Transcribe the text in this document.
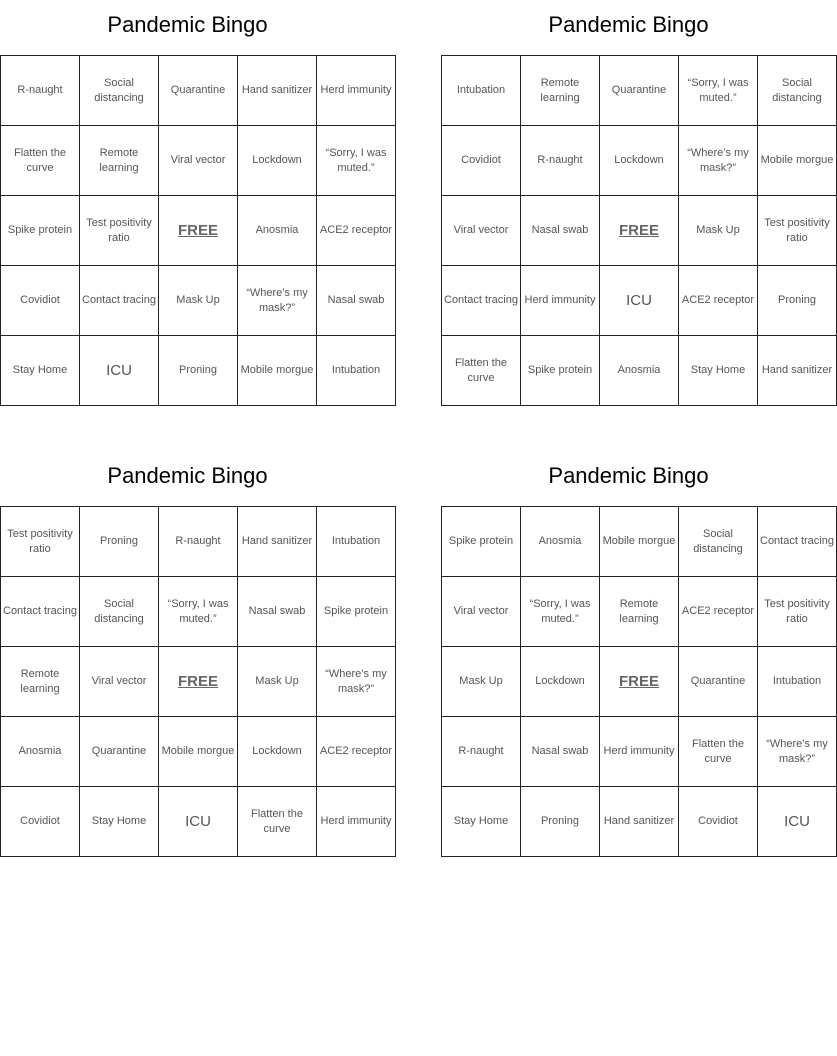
Pandemic Bingo
R-naught	Social distancing	Quarantine	Hand sanitizer	Herd immunity

Flatten the curve	Remote learning	Viral vector	Lockdown	“Sorry, I was muted.”

Spike protein	Test positivity ratio	FREE	Anosmia	ACE2 receptor

Covidiot	Contact tracing	Mask Up	“Where’s my mask?”	Nasal swab

Stay Home	ICU	Proning	Mobile morgue	Intubation
Pandemic Bingo
Intubation	Remote learning	Quarantine	“Sorry, I was muted.”	Social distancing

Covidiot	R-naught	Lockdown	“Where’s my mask?”	Mobile morgue

Viral vector	Nasal swab	FREE	Mask Up	Test positivity ratio

Contact tracing	Herd immunity	ICU	ACE2 receptor	Proning

Flatten the curve	Spike protein	Anosmia	Stay Home	Hand sanitizer
Pandemic Bingo
Test positivity ratio	Proning	R-naught	Hand sanitizer	Intubation

Contact tracing	Social distancing	“Sorry, I was muted.”	Nasal swab	Spike protein

Remote learning	Viral vector	FREE	Mask Up	“Where’s my mask?”

Anosmia	Quarantine	Mobile morgue	Lockdown	ACE2 receptor

Covidiot	Stay Home	ICU	Flatten the curve	Herd immunity
Pandemic Bingo
Spike protein	Anosmia	Mobile morgue	Social distancing	Contact tracing

Viral vector	“Sorry, I was muted.”	Remote learning	ACE2 receptor	Test positivity ratio

Mask Up	Lockdown	FREE	Quarantine	Intubation

R-naught	Nasal swab	Herd immunity	Flatten the curve	“Where’s my mask?”

Stay Home	Proning	Hand sanitizer	Covidiot	ICU
